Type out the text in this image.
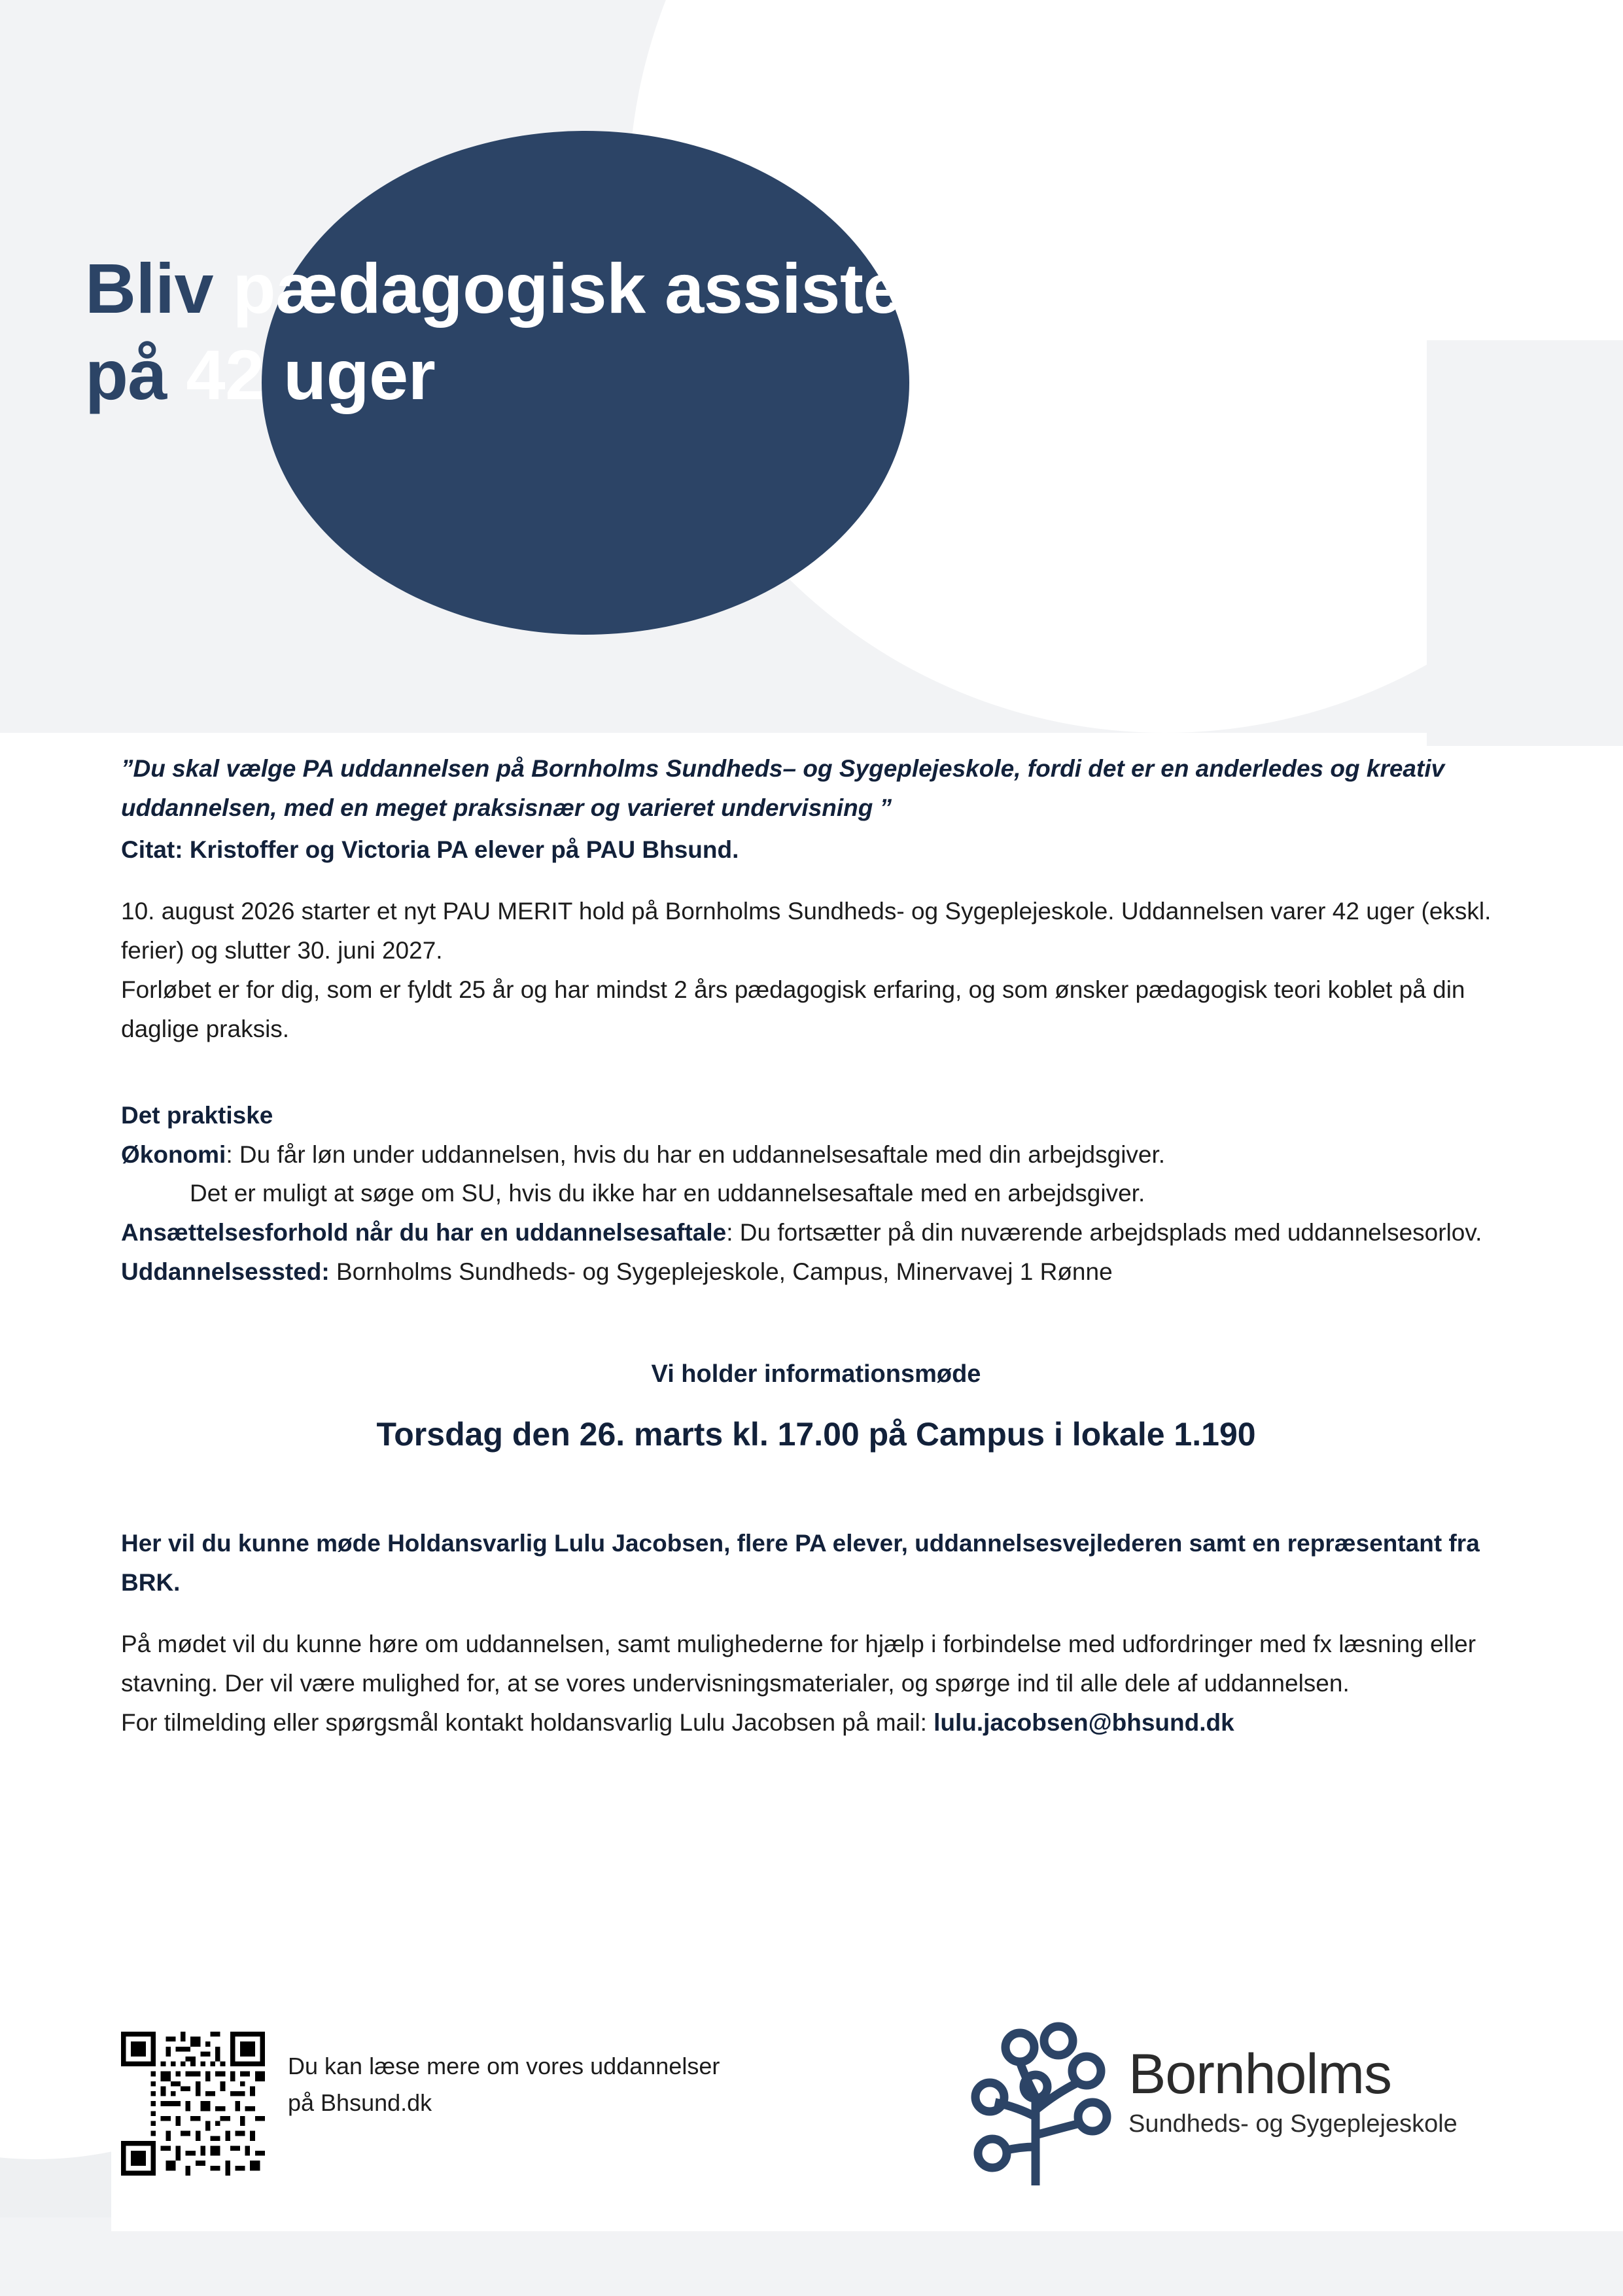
Bliv pædagogisk assistent
på 42 uger
”Du skal vælge PA uddannelsen på Bornholms Sundheds– og Sygeplejeskole, fordi det er en anderledes og kreativ uddannelsen, med en meget praksisnær og varieret undervisning ”
Citat: Kristoffer og Victoria PA elever på PAU Bhsund.
10. august 2026 starter et nyt PAU MERIT hold på Bornholms Sundheds- og Sygeplejeskole. Uddannelsen varer 42 uger (ekskl. ferier) og slutter 30. juni 2027.
Forløbet er for dig, som er fyldt 25 år og har mindst 2 års pædagogisk erfaring, og som ønsker pædagogisk teori koblet på din daglige praksis.
Det praktiske
Økonomi: Du får løn under uddannelsen, hvis du har en uddannelsesaftale med din arbejdsgiver.
Det er muligt at søge om SU, hvis du ikke har en uddannelsesaftale med en arbejdsgiver.
Ansættelsesforhold når du har en uddannelsesaftale: Du fortsætter på din nuværende arbejdsplads med uddannelsesorlov.
Uddannelsessted: Bornholms Sundheds- og Sygeplejeskole, Campus, Minervavej 1 Rønne
Vi holder informationsmøde
Torsdag den 26. marts kl. 17.00 på Campus i lokale 1.190
Her vil du kunne møde Holdansvarlig Lulu Jacobsen, flere PA elever, uddannelsesvejlederen samt en repræsentant fra BRK.
På mødet vil du kunne høre om uddannelsen, samt mulighederne for hjælp i forbindelse med udfordringer med fx læsning eller stavning. Der vil være mulighed for, at se vores undervisningsmaterialer, og spørge ind til alle dele af uddannelsen.
For tilmelding eller spørgsmål kontakt holdansvarlig Lulu Jacobsen på mail: lulu.jacobsen@bhsund.dk
Du kan læse mere om vores uddannelser
på Bhsund.dk	Bornholms
Sundheds- og Sygeplejeskole
